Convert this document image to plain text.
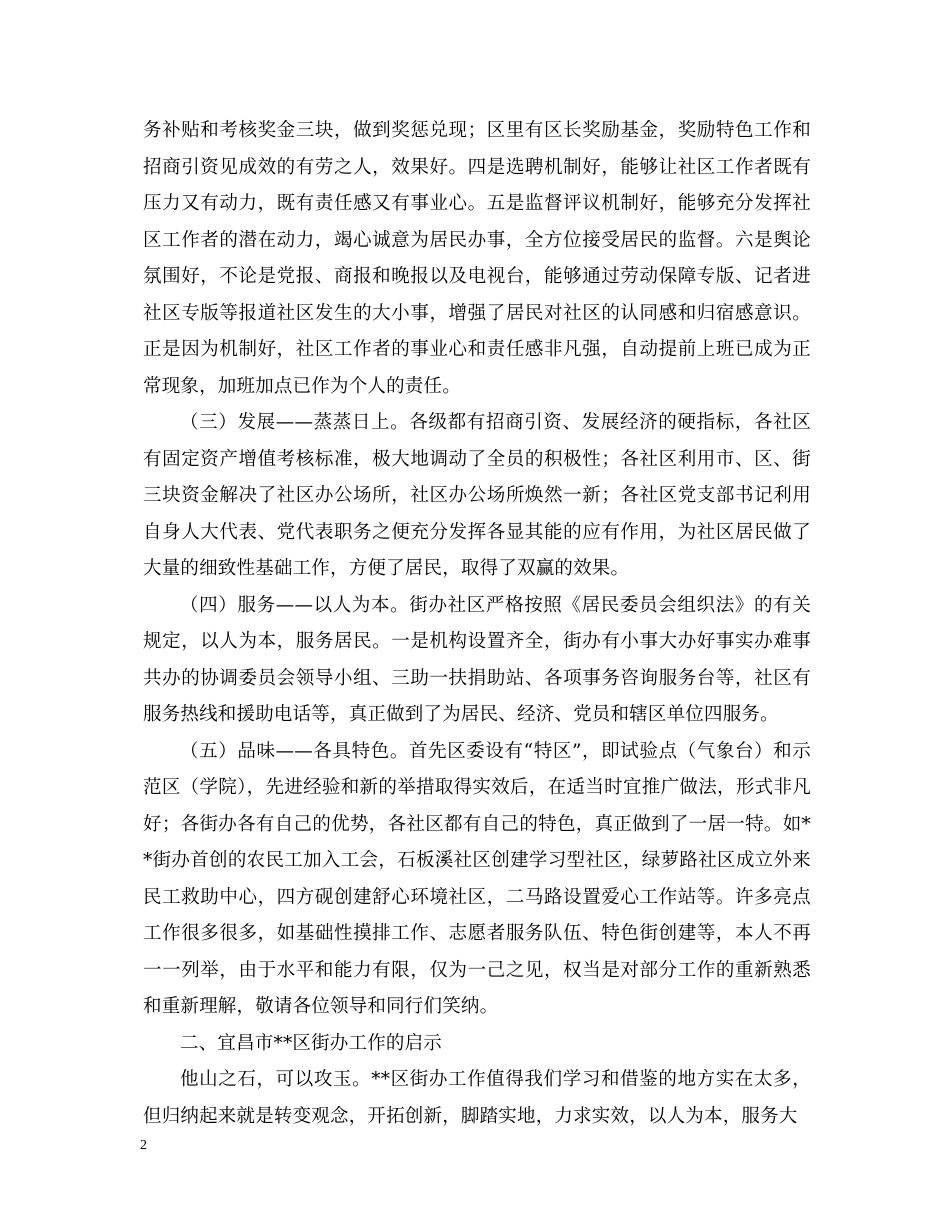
务补贴和考核奖金三块，做到奖惩兑现；区里有区长奖励基金，奖励特色工作和招商引资见成效的有劳之人，效果好。四是选聘机制好，能够让社区工作者既有压力又有动力，既有责任感又有事业心。五是监督评议机制好，能够充分发挥社区工作者的潜在动力，竭心诚意为居民办事，全方位接受居民的监督。六是舆论氛围好，不论是党报、商报和晚报以及电视台，能够通过劳动保障专版、记者进社区专版等报道社区发生的大小事，增强了居民对社区的认同感和归宿感意识。正是因为机制好，社区工作者的事业心和责任感非凡强，自动提前上班已成为正常现象，加班加点已作为个人的责任。

（三）发展——蒸蒸日上。各级都有招商引资、发展经济的硬指标，各社区有固定资产增值考核标准，极大地调动了全员的积极性；各社区利用市、区、街三块资金解决了社区办公场所，社区办公场所焕然一新；各社区党支部书记利用自身人大代表、党代表职务之便充分发挥各显其能的应有作用，为社区居民做了大量的细致性基础工作，方便了居民，取得了双赢的效果。

（四）服务——以人为本。街办社区严格按照《居民委员会组织法》的有关规定，以人为本，服务居民。一是机构设置齐全，街办有小事大办好事实办难事共办的协调委员会领导小组、三助一扶捐助站、各项事务咨询服务台等，社区有服务热线和援助电话等，真正做到了为居民、经济、党员和辖区单位四服务。

（五）品味——各具特色。首先区委设有“特区”，即试验点（气象台）和示范区（学院），先进经验和新的举措取得实效后，在适当时宜推广做法，形式非凡好；各街办各有自己的优势，各社区都有自己的特色，真正做到了一居一特。如**街办首创的农民工加入工会，石板溪社区创建学习型社区，绿萝路社区成立外来民工救助中心，四方砚创建舒心环境社区，二马路设置爱心工作站等。许多亮点工作很多很多，如基础性摸排工作、志愿者服务队伍、特色街创建等，本人不再一一列举，由于水平和能力有限，仅为一己之见，权当是对部分工作的重新熟悉和重新理解，敬请各位领导和同行们笑纳。

二、宜昌市**区街办工作的启示

他山之石，可以攻玉。**区街办工作值得我们学习和借鉴的地方实在太多，但归纳起来就是转变观念，开拓创新，脚踏实地，力求实效，以人为本，服务大

2
